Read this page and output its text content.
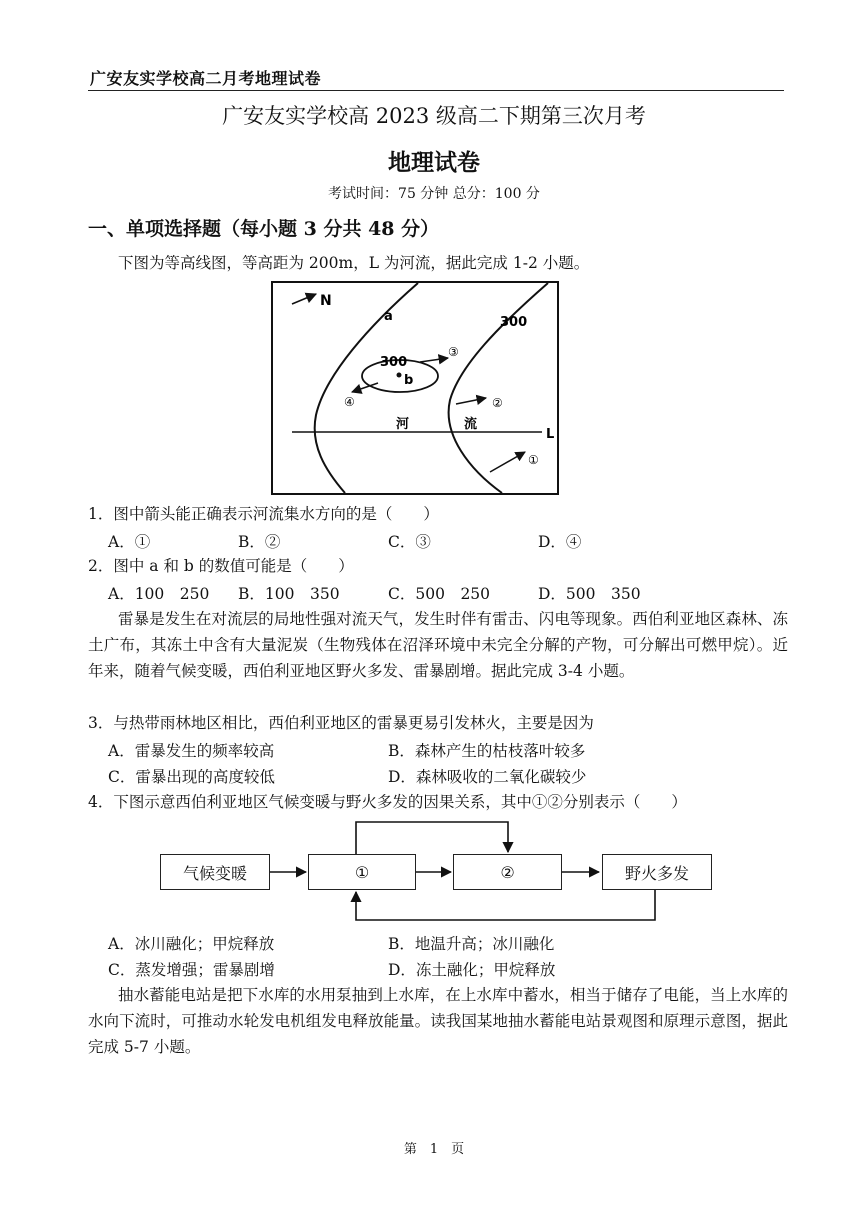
广安友实学校高二月考地理试卷
广安友实学校高 2023 级高二下期第三次月考
地理试卷
考试时间：75 分钟 总分：100 分
一、单项选择题（每小题 3 分共 48 分）
下图为等高线图，等高距为 200m，L 为河流，据此完成 1-2 小题。
N
a	300
300
b
③
④	②
①
河	流
L
1．图中箭头能正确表示河流集水方向的是（　　）
A．①	B．②	C．③	D．④
2．图中 a 和 b 的数值可能是（　　）
A．100　250 B．100　350	C．500　250	D．500　350
雷暴是发生在对流层的局地性强对流天气，发生时伴有雷击、闪电等现象。西伯利亚地区森林、冻土广布，其冻土中含有大量泥炭（生物残体在沼泽环境中未完全分解的产物，可分解出可燃甲烷）。近年来，随着气候变暖，西伯利亚地区野火多发、雷暴剧增。据此完成 3-4 小题。
3．与热带雨林地区相比，西伯利亚地区的雷暴更易引发林火，主要是因为
A．雷暴发生的频率较高	B．森林产生的枯枝落叶较多
C．雷暴出现的高度较低	D．森林吸收的二氧化碳较少
4．下图示意西伯利亚地区气候变暖与野火多发的因果关系，其中①②分别表示（　　）
气候变暖	①	②	野火多发
A．冰川融化；甲烷释放	B．地温升高；冰川融化
C．蒸发增强；雷暴剧增	D．冻土融化；甲烷释放
抽水蓄能电站是把下水库的水用泵抽到上水库，在上水库中蓄水，相当于储存了电能，当上水库的水向下流时，可推动水轮发电机组发电释放能量。读我国某地抽水蓄能电站景观图和原理示意图，据此完成 5-7 小题。
第　1　页
